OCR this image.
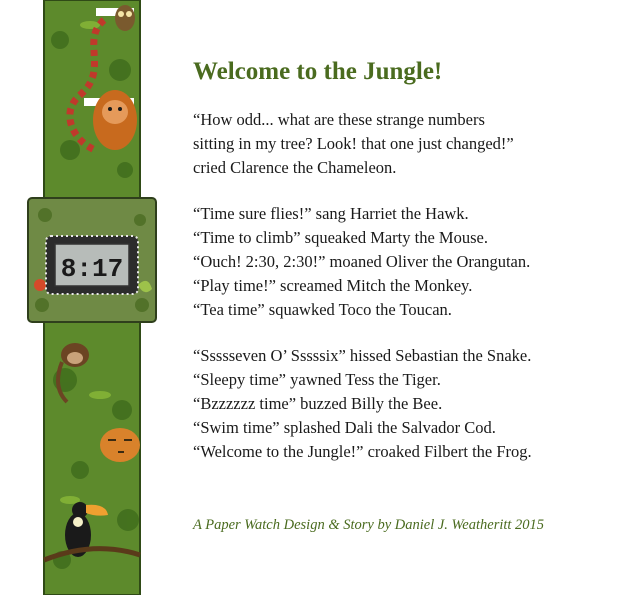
8:17
Welcome to the Jungle!

“How odd... what are these strange numbers
sitting in my tree? Look! that one just changed!”
cried Clarence the Chameleon.

“Time sure flies!” sang Harriet the Hawk.
“Time to climb” squeaked Marty the Mouse.
“Ouch! 2:30, 2:30!” moaned Oliver the Orangutan.
“Play time!” screamed Mitch the Monkey.
“Tea time” squawked Toco the Toucan.

“Ssssseven O’ Sssssix” hissed Sebastian the Snake.
“Sleepy time” yawned Tess the Tiger.
“Bzzzzzz time” buzzed Billy the Bee.
“Swim time” splashed Dali the Salvador Cod.
“Welcome to the Jungle!” croaked Filbert the Frog.

A Paper Watch Design & Story by Daniel J. Weatheritt 2015
